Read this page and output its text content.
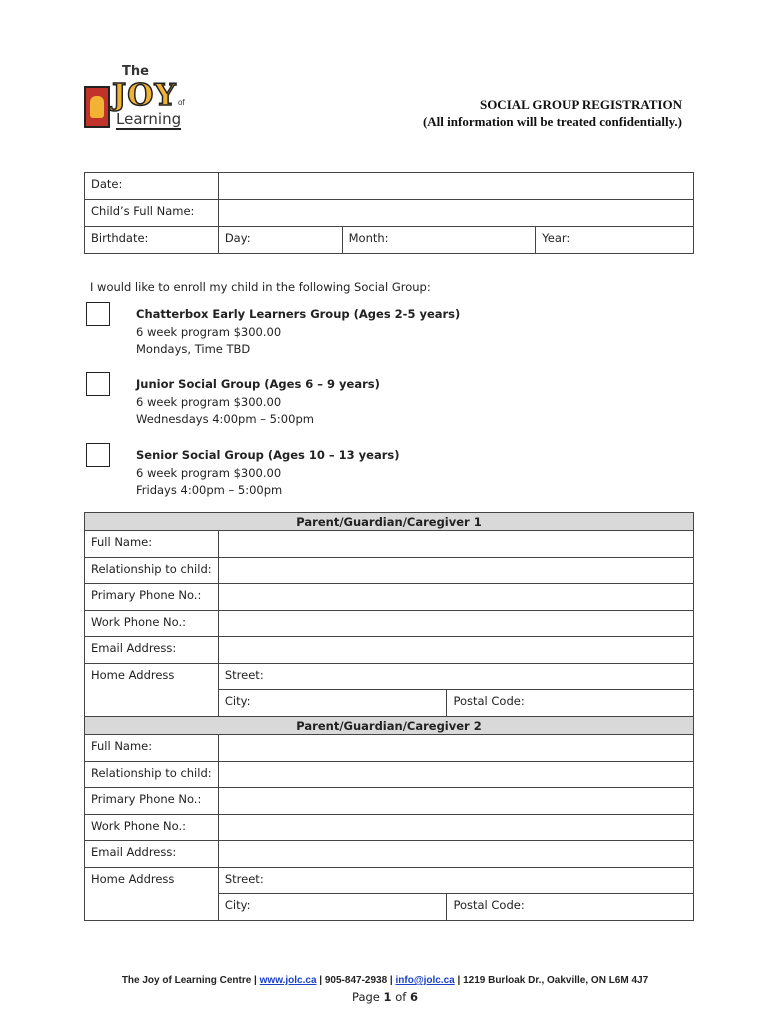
The
JOY of
Learning
SOCIAL GROUP REGISTRATION
(All information will be treated confidentially.)
Date:			
Child’s Full Name:			
Birthdate:	Day:	Month:	Year:
I would like to enroll my child in the following Social Group:
Chatterbox Early Learners Group (Ages 2-5 years)
6 week program $300.00
Mondays, Time TBD
Junior Social Group (Ages 6 – 9 years)
6 week program $300.00
Wednesdays 4:00pm – 5:00pm
Senior Social Group (Ages 10 – 13 years)
6 week program $300.00
Fridays 4:00pm – 5:00pm
Parent/Guardian/Caregiver 1		
Full Name:		
Relationship to child:		
Primary Phone No.:		
Work Phone No.:		
Email Address:		
Home Address	Street:	
	City:	Postal Code:
Parent/Guardian/Caregiver 2		
Full Name:		
Relationship to child:		
Primary Phone No.:		
Work Phone No.:		
Email Address:		
Home Address	Street:	
	City:	Postal Code:
The Joy of Learning Centre | www.jolc.ca | 905-847-2938 | info@jolc.ca | 1219 Burloak Dr., Oakville, ON L6M 4J7
Page 1 of 6
